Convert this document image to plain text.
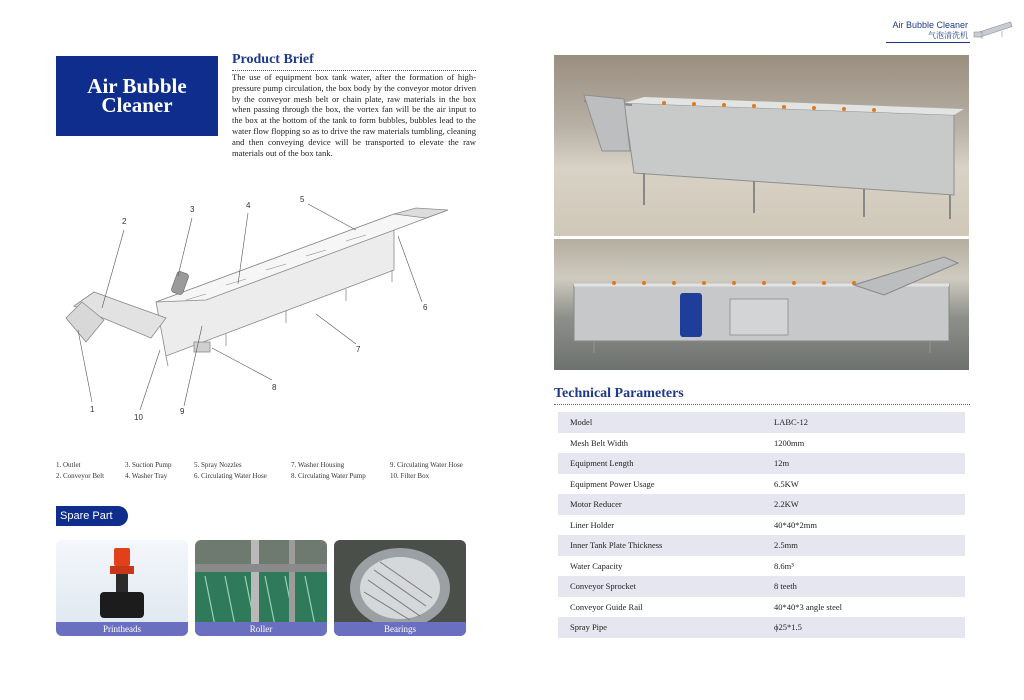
Air Bubble Cleaner
气泡清洗机
Air Bubble Cleaner
Product Brief
The use of equipment box tank water, after the formation of high-pressure pump circulation, the box body by the conveyor motor driven by the conveyor mesh belt or chain plate, raw materials in the box when passing through the box, the vortex fan will be the air input to the box at the bottom of the tank to form bubbles, bubbles lead to the water flow flopping so as to drive the raw materials tumbling, cleaning and then conveying device will be transported to elevate the raw materials out of the box tank.
1
2
3	4
5
6
7
8
9
10
1. Outlet
2. Conveyor Belt
3. Suction Pump
4. Washer Tray
5. Spray Nozzles
6. Circulating Water Hose
7. Washer Housing
8. Circulating Water Pump
9. Circulating Water Hose
10. Filter Box
Spare Part
Printheads	Roller	Bearings
Technical Parameters
Model	LABC-12
Mesh Belt Width	1200mm
Equipment Length	12m
Equipment Power Usage	6.5KW
Motor Reducer	2.2KW
Liner Holder	40*40*2mm
Inner Tank Plate Thickness	2.5mm
Water Capacity	8.6m³
Conveyor Sprocket	8 teeth
Conveyor Guide Rail	40*40*3 angle steel
Spray Pipe	ϕ25*1.5
